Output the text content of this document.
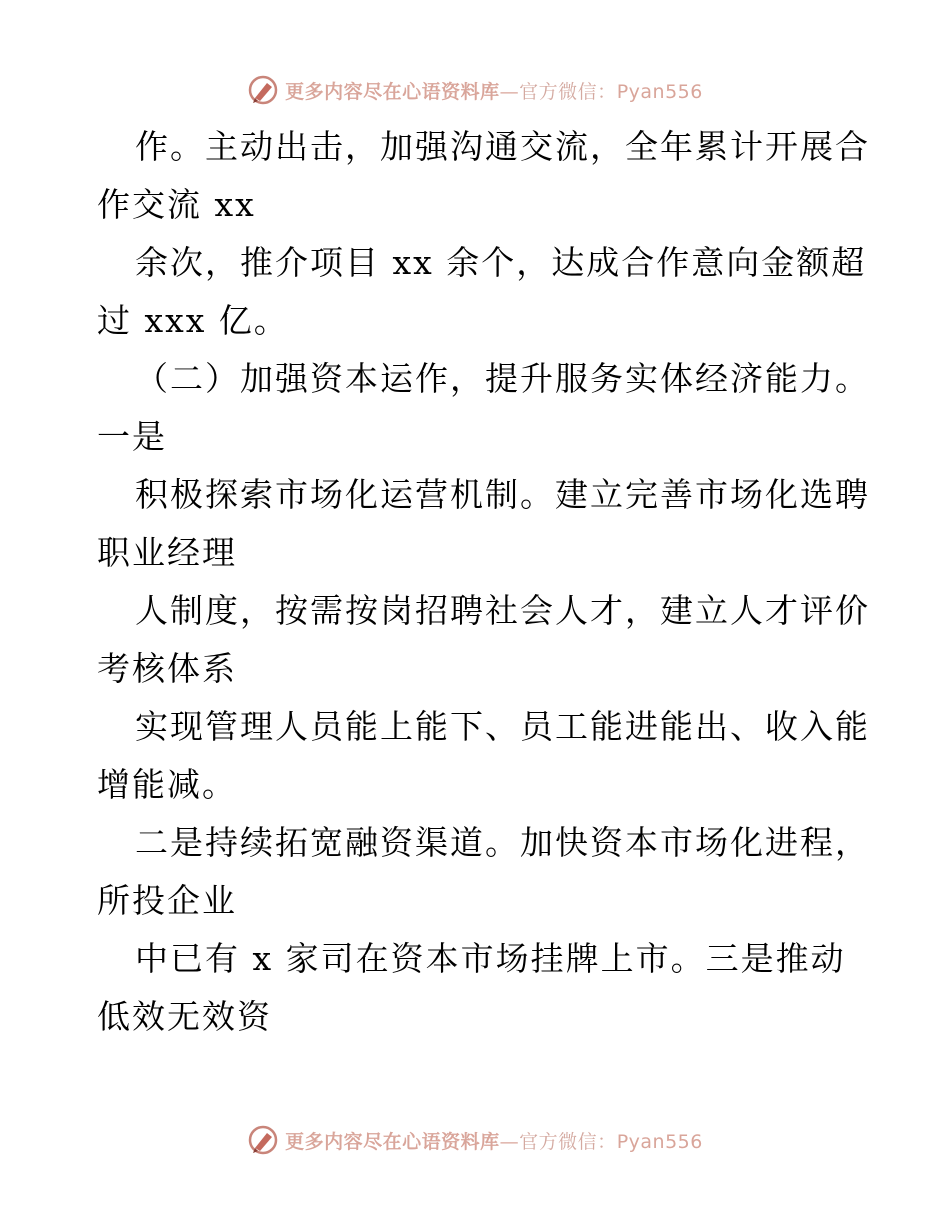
更多内容尽在心语资料库—官方微信：Pyan556
作。主动出击，加强沟通交流，全年累计开展合
作交流 xx
余次，推介项目 xx 余个，达成合作意向金额超
过 xxx 亿。
（二）加强资本运作，提升服务实体经济能力。
一是
积极探索市场化运营机制。建立完善市场化选聘
职业经理
人制度，按需按岗招聘社会人才，建立人才评价
考核体系
实现管理人员能上能下、员工能进能出、收入能
增能减。
二是持续拓宽融资渠道。加快资本市场化进程，
所投企业
中已有 x 家司在资本市场挂牌上市。三是推动
低效无效资
更多内容尽在心语资料库—官方微信：Pyan556
